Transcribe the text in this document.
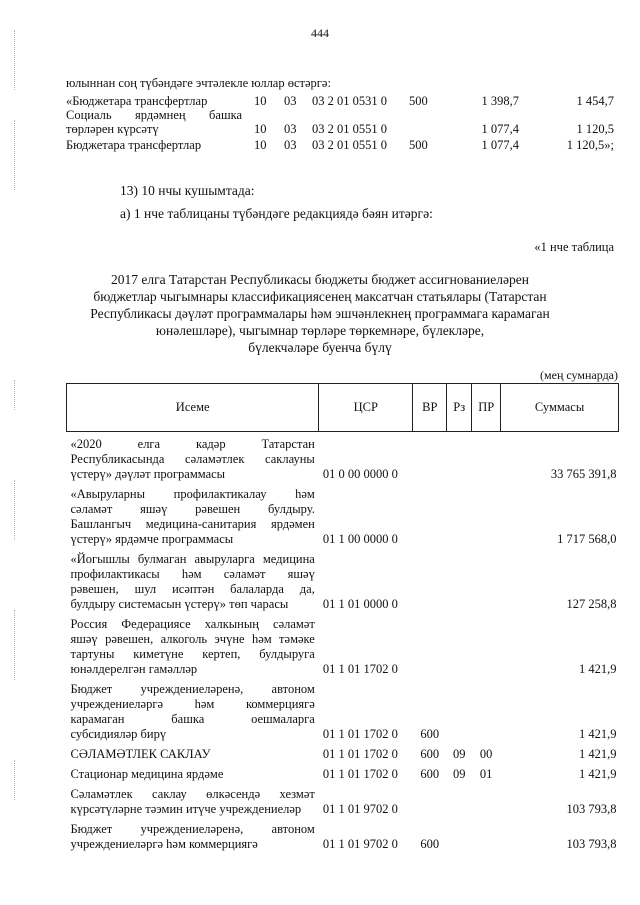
444
юлыннан соң түбәндәге эчтәлекле юллар өстәргә:
«Бюджетара трансфертлар	10 03 03 2 01 0531 0 500	1 398,7	1 454,7
Социаль ярдәмнең башка
төрләрен күрсәтү	10 03 03 2 01 0551 0	1 077,4	1 120,5
Бюджетара трансфертлар	10 03 03 2 01 0551 0 500	1 077,4	1 120,5»;
13) 10 нчы кушымтада:
а) 1 нче таблицаны түбәндәге редакциядә бәян итәргә:
«1 нче таблица
2017 елга Татарстан Республикасы бюджеты бюджет ассигнованиеләрен
бюджетлар чыгымнары классификациясенең максатчан статьялары (Татарстан
Республикасы дәүләт программалары һәм эшчәнлекнең программага карамаган
юнәлешләре), чыгымнар төрләре төркемнәре, бүлекләре,
бүлекчәләре буенча бүлү
(мең сумнарда)
Исеме	ЦСР	ВР	Рз	ПР	Суммасы

«2020 елга кадәр Татарстан
Республикасында сәламәтлек саклауны
үстерү» дәүләт программасы	01 0 00 0000 0				33 765 391,8

«Авыруларны профилактикалау һәм
сәламәт яшәү рәвешен булдыру.
Башлангыч медицина-санитария ярдәмен
үстерү» ярдәмче программасы	01 1 00 0000 0				1 717 568,0

«Йогышлы булмаган авыруларга медицина
профилактикасы һәм сәламәт яшәү
рәвешен, шул исәптән балаларда да,
булдыру системасын үстерү» төп чарасы	01 1 01 0000 0				127 258,8

Россия Федерациясе халкының сәламәт
яшәү рәвешен, алкоголь эчүне һәм тәмәке
тартуны киметүне кертеп, булдыруга
юнәлдерелгән гамәлләр	01 1 01 1702 0				1 421,9

Бюджет учреждениеләренә, автоном
учреждениеләргә һәм коммерциягә
карамаган башка оешмаларга
субсидияләр бирү	01 1 01 1702 0	600			1 421,9

СӘЛАМӘТЛЕК САКЛАУ	01 1 01 1702 0	600	09	00	1 421,9

Стационар медицина ярдәме	01 1 01 1702 0	600	09	01	1 421,9

Сәламәтлек саклау өлкәсендә хезмәт
күрсәтүләрне тәэмин итүче учреждениеләр	01 1 01 9702 0				103 793,8

Бюджет учреждениеләренә, автоном
учреждениеләргә һәм коммерциягә	01 1 01 9702 0	600			103 793,8
